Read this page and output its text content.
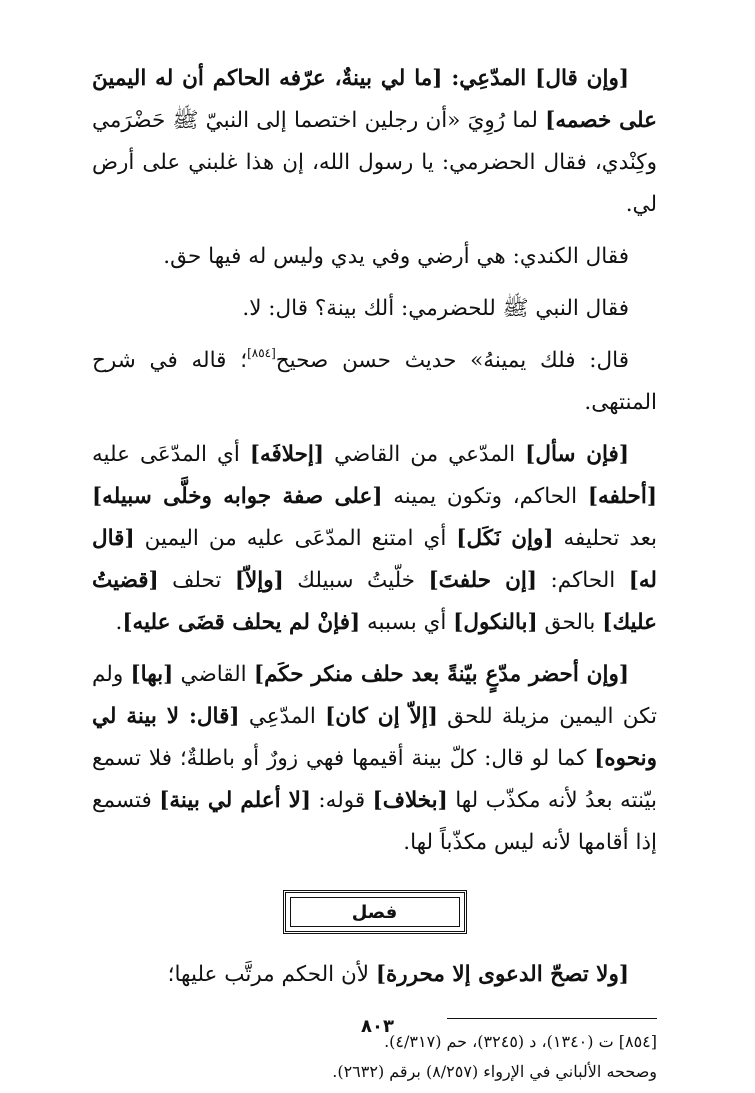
[وإن قال] المدّعِي: [ما لي بينةٌ، عرّفه الحاكم أن له اليمينَ على خصمه] لما رُوِيَ «أن رجلين اختصما إلى النبيّ ﷺ حَضْرَمي وكِنْدي، فقال الحضرمي: يا رسول الله، إن هذا غلبني على أرض لي.

فقال الكندي: هي أرضي وفي يدي وليس له فيها حق.

فقال النبي ﷺ للحضرمي: ألك بينة؟ قال: لا.

قال: فلك يمينهُ» حديث حسن صحيح[٨٥٤]؛ قاله في شرح المنتهى.

[فإن سأل] المدّعي من القاضي [إحلافَه] أي المدّعَى عليه [أحلفه] الحاكم، وتكون يمينه [على صفة جوابه وخلَّى سبيله] بعد تحليفه [وإن نَكَل] أي امتنع المدّعَى عليه من اليمين [قال له] الحاكم: [إن حلفتَ] خلّيتُ سبيلك [وإلاّ] تحلف [قضيتُ عليك] بالحق [بالنكول] أي بسببه [فإنْ لم يحلف قضَى عليه].

[وإن أحضر مدّعٍ بيّنةً بعد حلف منكر حكَم] القاضي [بها] ولم تكن اليمين مزيلة للحق [إلاّ إن كان] المدّعِي [قال: لا بينة لي ونحوه] كما لو قال: كلّ بينة أقيمها فهي زورٌ أو باطلةٌ؛ فلا تسمع بيّنته بعدُ لأنه مكذّب لها [بخلاف] قوله: [لا أعلم لي بينة] فتسمع إذا أقامها لأنه ليس مكذّباً لها.

فصل

[ولا تصحّ الدعوى إلا محررة] لأن الحكم مرتَّب عليها؛

[٨٥٤] ت (١٣٤٠)، د (٣٢٤٥)، حم (٤/٣١٧).

وصححه الألباني في الإرواء (٨/٢٥٧) برقم (٢٦٣٢).

٨٠٣
